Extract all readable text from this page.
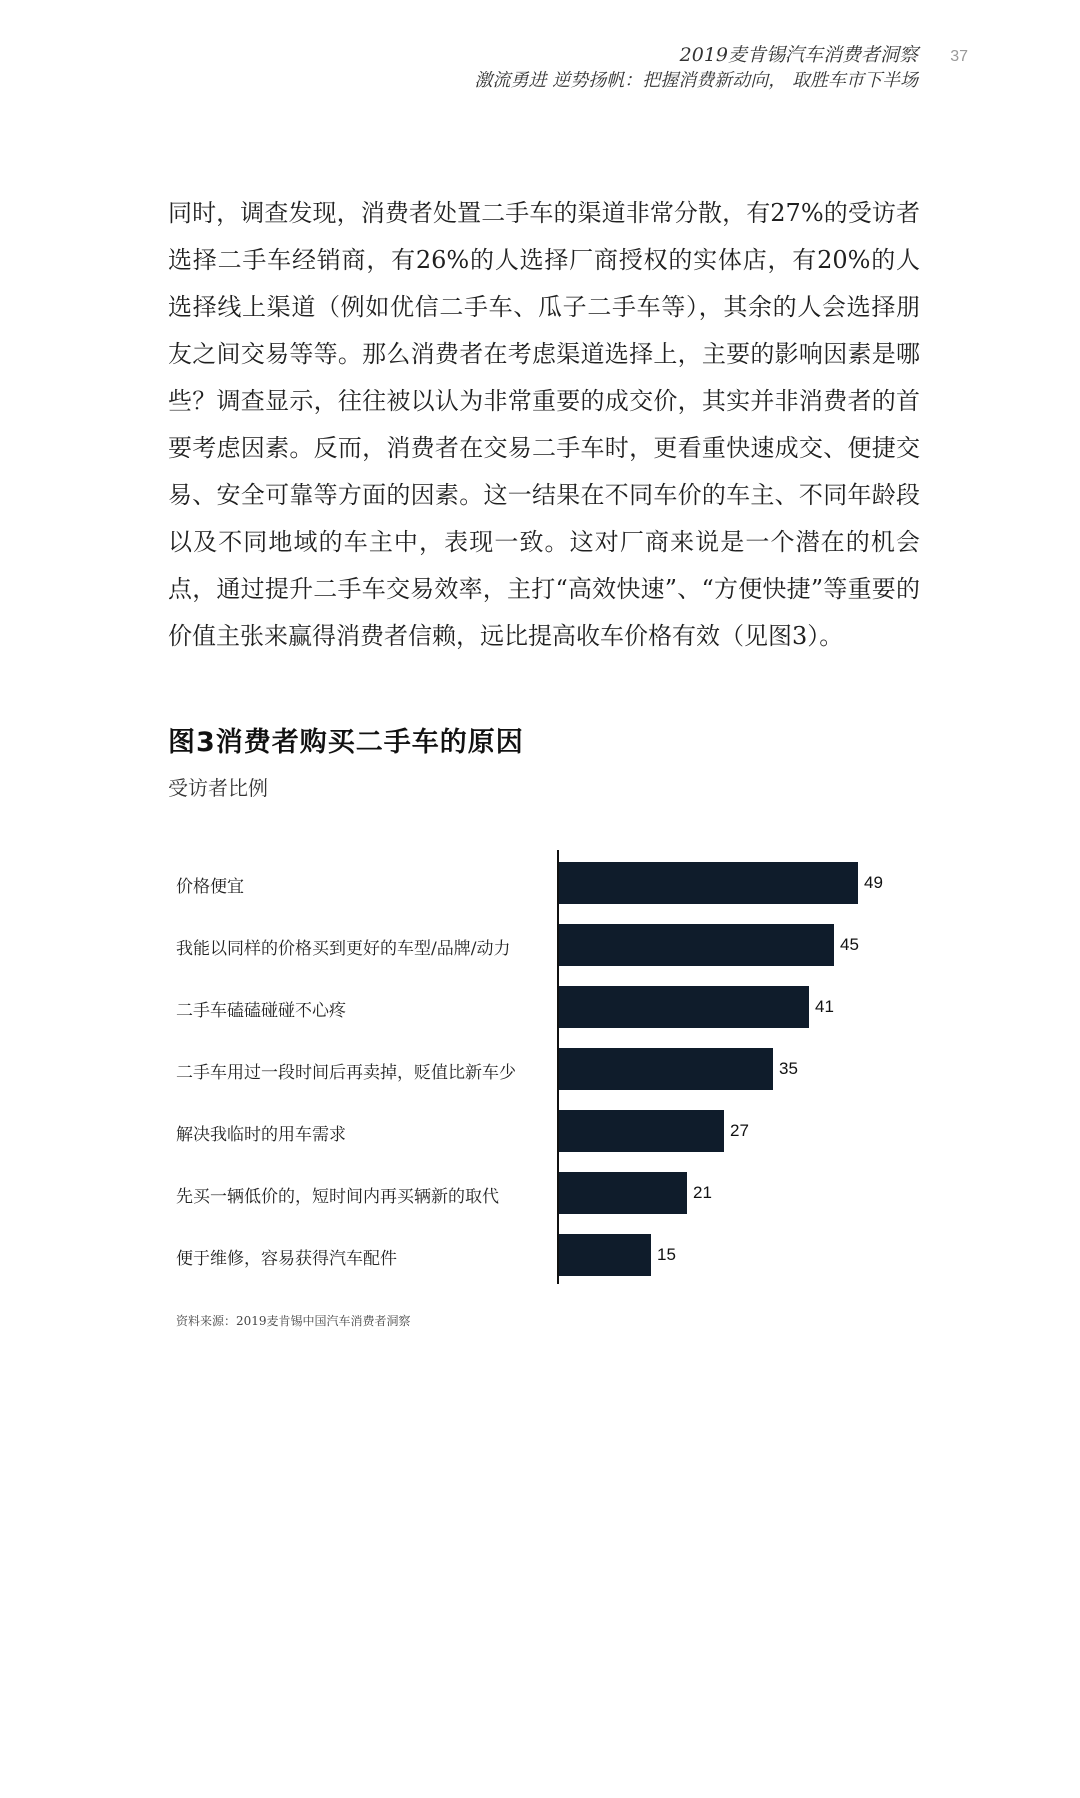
2019麦肯锡汽车消费者洞察
激流勇进 逆势扬帆：把握消费新动向， 取胜车市下半场
37
同时，调查发现，消费者处置二手车的渠道非常分散，有27%的受访者选择二手车经销商，有26%的人选择厂商授权的实体店，有20%的人选择线上渠道（例如优信二手车、瓜子二手车等），其余的人会选择朋友之间交易等等。那么消费者在考虑渠道选择上，主要的影响因素是哪些？调查显示，往往被以认为非常重要的成交价，其实并非消费者的首要考虑因素。反而，消费者在交易二手车时，更看重快速成交、便捷交易、安全可靠等方面的因素。这一结果在不同车价的车主、不同年龄段以及不同地域的车主中，表现一致。这对厂商来说是一个潜在的机会点，通过提升二手车交易效率，主打“高效快速”、“方便快捷”等重要的价值主张来赢得消费者信赖，远比提高收车价格有效（见图3）。
图3消费者购买二手车的原因
受访者比例
价格便宜	49
我能以同样的价格买到更好的车型/品牌/动力	45
二手车磕磕碰碰不心疼	41
二手车用过一段时间后再卖掉，贬值比新车少	35
解决我临时的用车需求	27
先买一辆低价的，短时间内再买辆新的取代	21
便于维修，容易获得汽车配件	15
资料来源：2019麦肯锡中国汽车消费者洞察
